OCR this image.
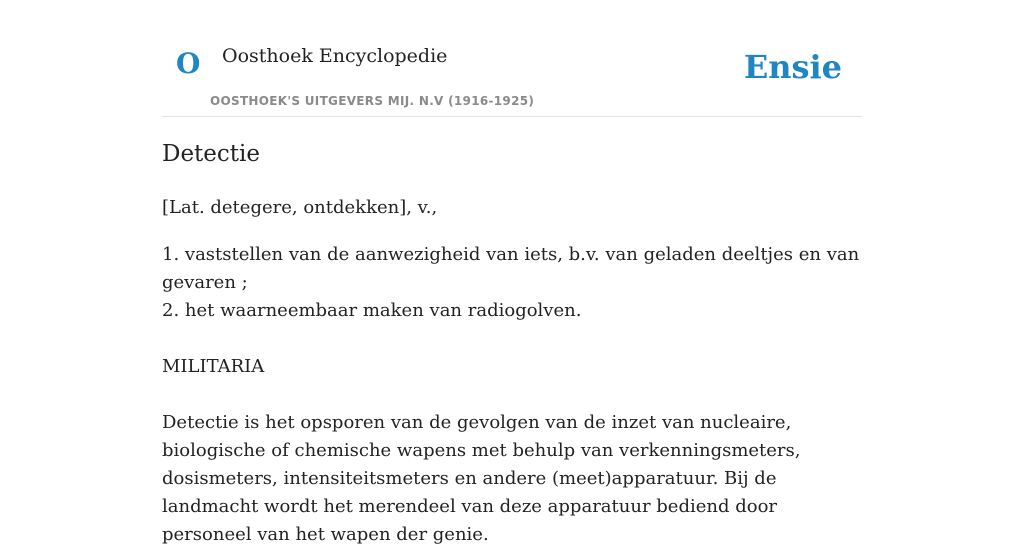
O Oosthoek Encyclopedie
OOSTHOEK'S UITGEVERS MIJ. N.V (1916-1925)
Ensie
Detectie

[Lat. detegere, ontdekken], v.,

1. vaststellen van de aanwezigheid van iets, b.v. van geladen deeltjes en van gevaren ;
2. het waarneembaar maken van radiogolven.

MILITARIA

Detectie is het opsporen van de gevolgen van de inzet van nucleaire, biologische of chemische wapens met behulp van verkenningsmeters, dosismeters, intensiteitsmeters en andere (meet)apparatuur. Bij de landmacht wordt het merendeel van deze apparatuur bediend door personeel van het wapen der genie.
